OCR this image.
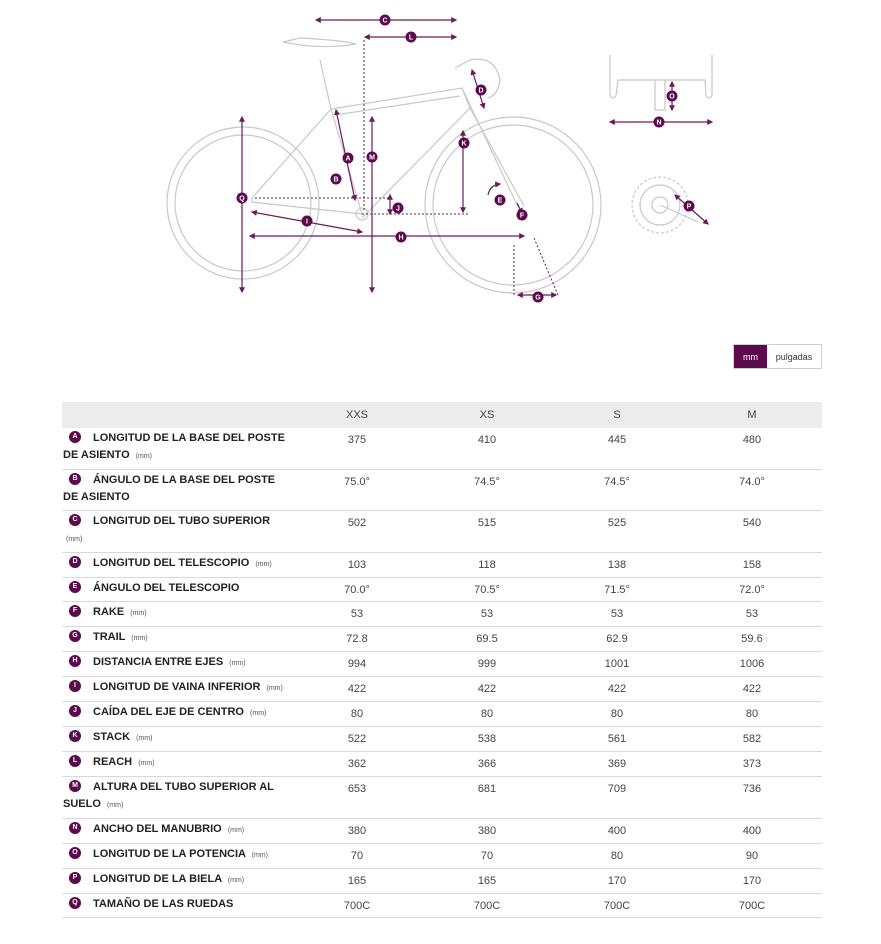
A
B
C
D
E
F
G
H
I
J
K
L
M
N
O
P
Q
mm	pulgadas
	XXS	XS	S	M
A LONGITUD DE LA BASE DEL POSTE DE ASIENTO (mm)	375	410	445	480
B ÁNGULO DE LA BASE DEL POSTE DE ASIENTO	75.0°	74.5°	74.5°	74.0°
C LONGITUD DEL TUBO SUPERIOR (mm)	502	515	525	540
D LONGITUD DEL TELESCOPIO (mm)	103	118	138	158
E ÁNGULO DEL TELESCOPIO	70.0°	70.5°	71.5°	72.0°
F RAKE (mm)	53	53	53	53
G TRAIL (mm)	72.8	69.5	62.9	59.6
H DISTANCIA ENTRE EJES (mm)	994	999	1001	1006
I LONGITUD DE VAINA INFERIOR (mm)	422	422	422	422
J CAÍDA DEL EJE DE CENTRO (mm)	80	80	80	80
K STACK (mm)	522	538	561	582
L REACH (mm)	362	366	369	373
M ALTURA DEL TUBO SUPERIOR AL SUELO (mm)	653	681	709	736
N ANCHO DEL MANUBRIO (mm)	380	380	400	400
O LONGITUD DE LA POTENCIA (mm)	70	70	80	90
P LONGITUD DE LA BIELA (mm)	165	165	170	170
Q TAMAÑO DE LAS RUEDAS	700C	700C	700C	700C
